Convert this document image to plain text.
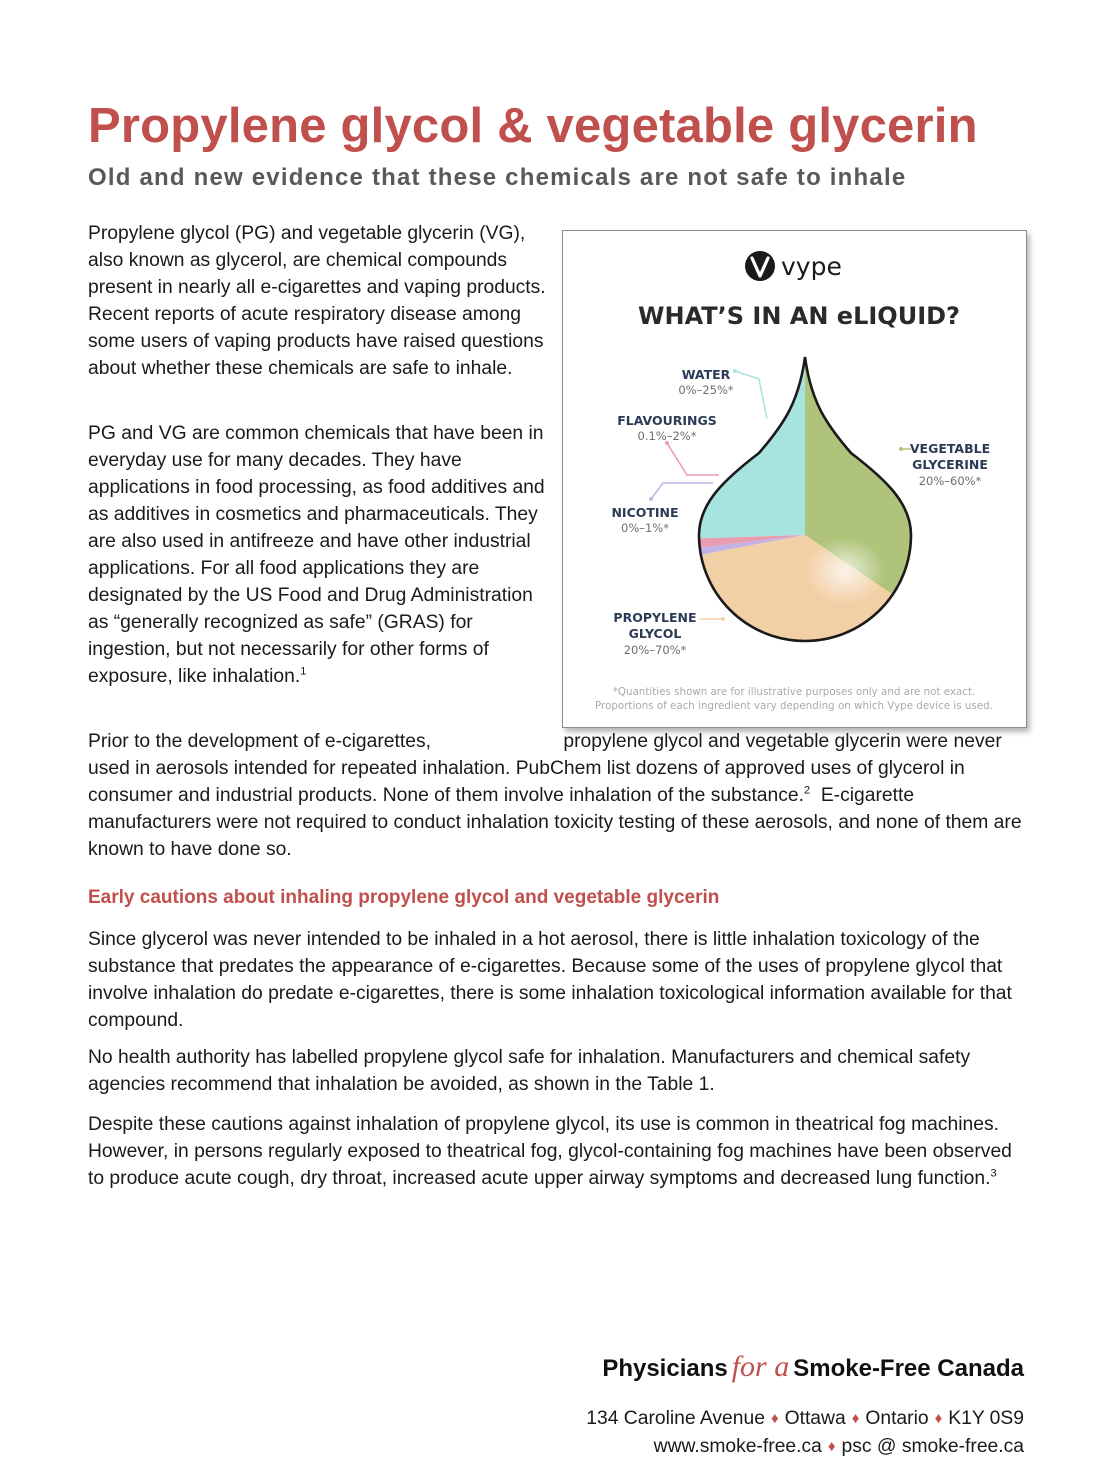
Propylene glycol & vegetable glycerin
Old and new evidence that these chemicals are not safe to inhale

Propylene glycol (PG) and vegetable glycerin (VG), also known as glycerol, are chemical compounds present in nearly all e-cigarettes and vaping products. Recent reports of acute respiratory disease among some users of vaping products have raised questions about whether these chemicals are safe to inhale.

PG and VG are common chemicals that have been in everyday use for many decades. They have applications in food processing, as food additives and as additives in cosmetics and pharmaceuticals. They are also used in antifreeze and have other industrial applications. For all food applications they are designated by the US Food and Drug Administration as “generally recognized as safe” (GRAS) for ingestion, but not necessarily for other forms of exposure, like inhalation.$^1$

vype
WHAT’S IN AN eLIQUID?
WATER
0%–25%*
FLAVOURINGS
0.1%–2%*
NICOTINE
0%–1%*
PROPYLENE
GLYCOL
20%–70%*
VEGETABLE
GLYCERINE
20%–60%*
*Quantities shown are for illustrative purposes only and are not exact.
Proportions of each ingredient vary depending on which Vype device is used.

Prior to the development of e-cigarettes,	propylene glycol and vegetable glycerin were never used in aerosols intended for repeated inhalation. PubChem list dozens of approved uses of glycerol in consumer and industrial products. None of them involve inhalation of the substance.$^2$ E-cigarette manufacturers were not required to conduct inhalation toxicity testing of these aerosols, and none of them are known to have done so.

Early cautions about inhaling propylene glycol and vegetable glycerin

Since glycerol was never intended to be inhaled in a hot aerosol, there is little inhalation toxicology of the substance that predates the appearance of e-cigarettes. Because some of the uses of propylene glycol that involve inhalation do predate e-cigarettes, there is some inhalation toxicological information available for that compound.

No health authority has labelled propylene glycol safe for inhalation. Manufacturers and chemical safety agencies recommend that inhalation be avoided, as shown in the Table 1.

Despite these cautions against inhalation of propylene glycol, its use is common in theatrical fog machines. However, in persons regularly exposed to theatrical fog, glycol-containing fog machines have been observed to produce acute cough, dry throat, increased acute upper airway symptoms and decreased lung function.$^3$

Physicians for a Smoke-Free Canada
134 Caroline Avenue ♦ Ottawa ♦ Ontario ♦ K1Y 0S9
www.smoke-free.ca ♦ psc @ smoke-free.ca
